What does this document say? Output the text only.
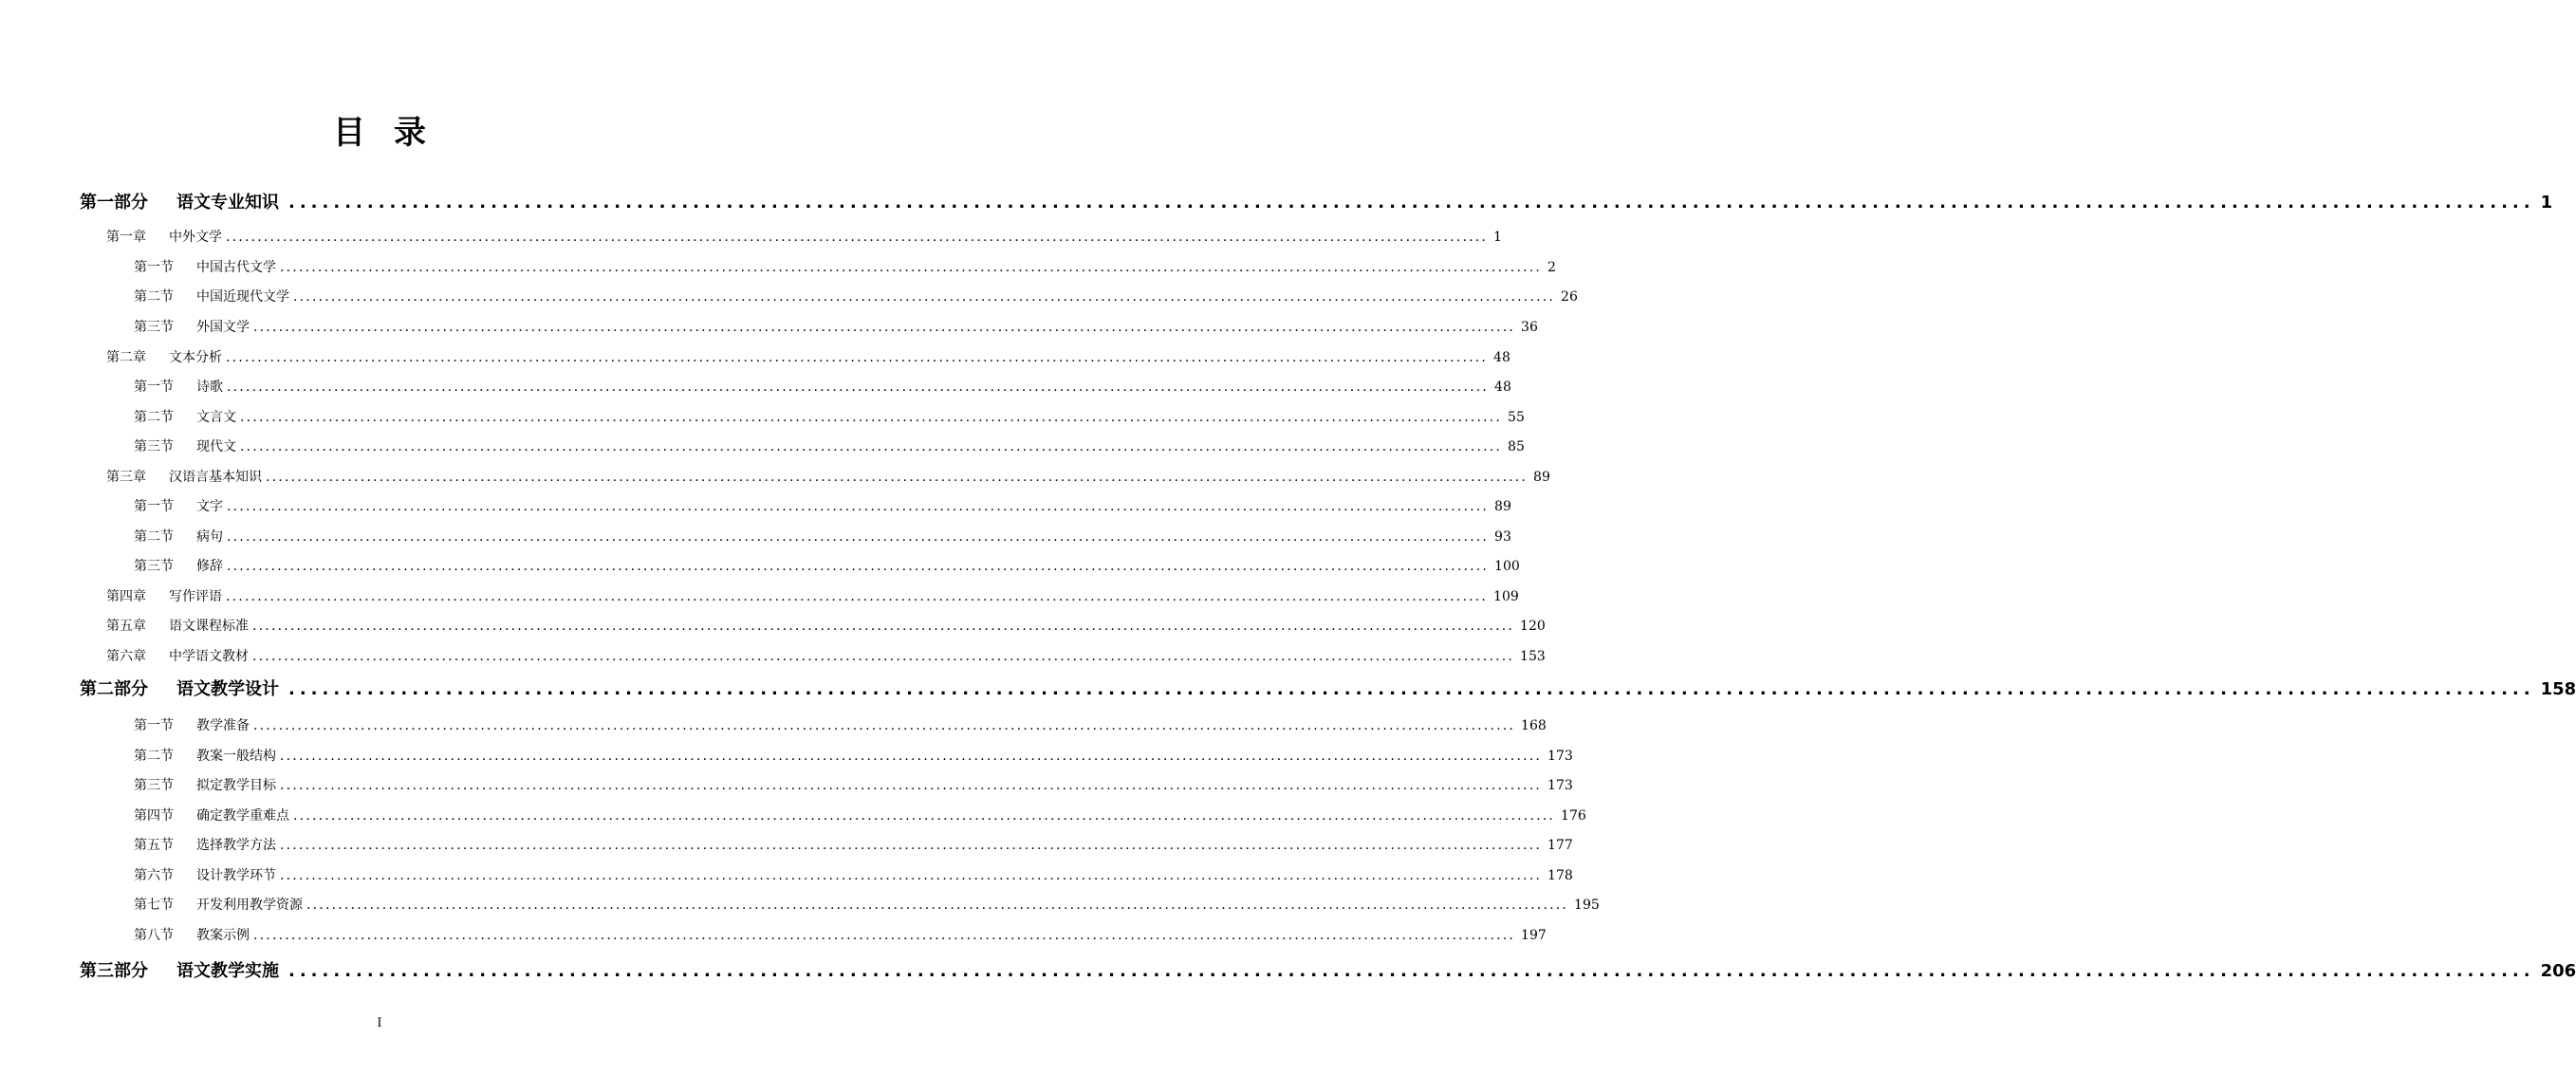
目录
第一部分	语文专业知识 ........................................................................................................................................................................................................ 1
第一章	中外文学 ........................................................................................................................................................................................................ 1
第一节	中国古代文学 ........................................................................................................................................................................................................ 2
第二节	中国近现代文学 ........................................................................................................................................................................................................ 26
第三节	外国文学 ........................................................................................................................................................................................................ 36
第二章	文本分析 ........................................................................................................................................................................................................ 48
第一节	诗歌 ........................................................................................................................................................................................................ 48
第二节	文言文 ........................................................................................................................................................................................................ 55
第三节	现代文 ........................................................................................................................................................................................................ 85
第三章	汉语言基本知识 ........................................................................................................................................................................................................ 89
第一节	文字 ........................................................................................................................................................................................................ 89
第二节	病句 ........................................................................................................................................................................................................ 93
第三节	修辞 ........................................................................................................................................................................................................ 100
第四章	写作评语 ........................................................................................................................................................................................................ 109
第五章	语文课程标准 ........................................................................................................................................................................................................ 120
第六章	中学语文教材 ........................................................................................................................................................................................................ 153
第二部分	语文教学设计 ........................................................................................................................................................................................................ 158
第一节	教学准备 ........................................................................................................................................................................................................ 168
第二节	教案一般结构 ........................................................................................................................................................................................................ 173
第三节	拟定教学目标 ........................................................................................................................................................................................................ 173
第四节	确定教学重难点 ........................................................................................................................................................................................................ 176
第五节	选择教学方法 ........................................................................................................................................................................................................ 177
第六节	设计教学环节 ........................................................................................................................................................................................................ 178
第七节	开发利用教学资源 ........................................................................................................................................................................................................ 195
第八节	教案示例 ........................................................................................................................................................................................................ 197
第三部分	语文教学实施 ........................................................................................................................................................................................................ 206
I
